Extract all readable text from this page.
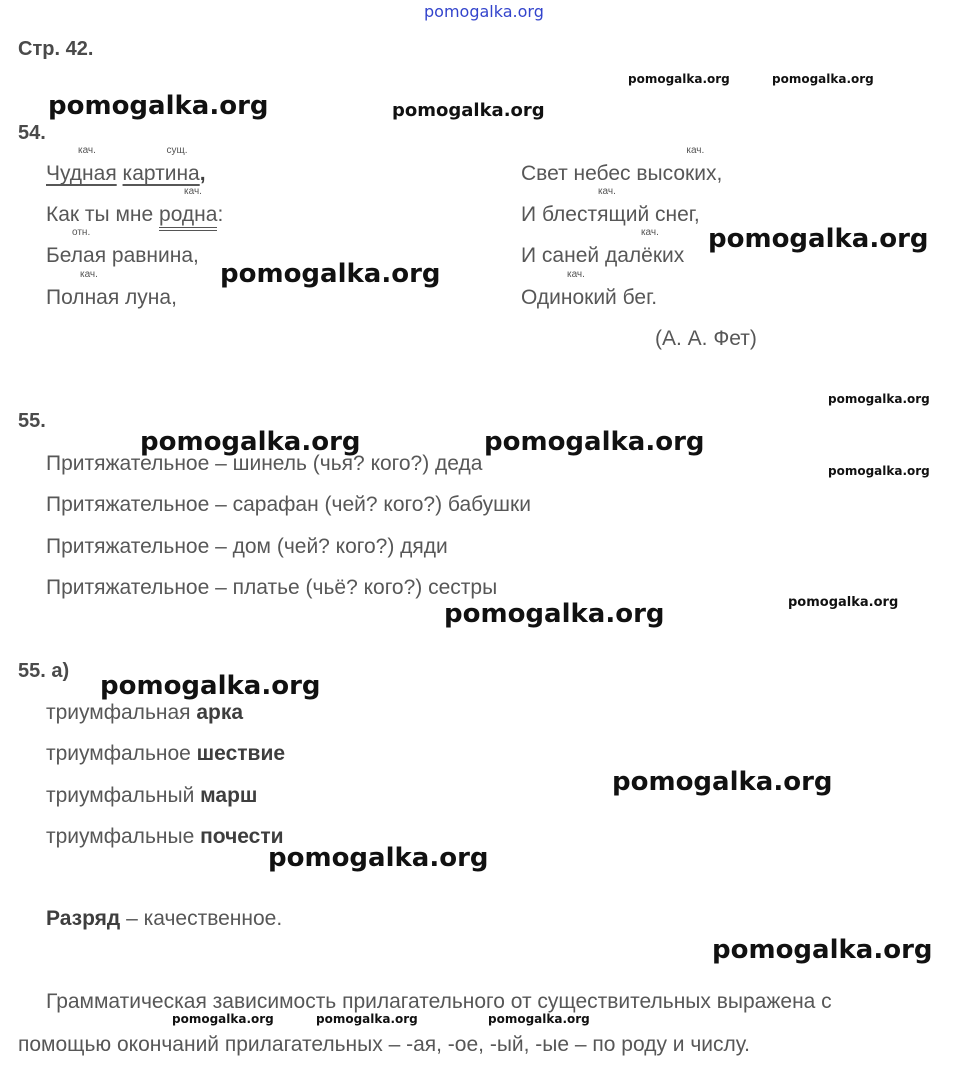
pomogalka.org
Стр. 42.
54.
кач.
Чудная
сущ.
картина,
Как ты мне
кач.
родна:
отн.
Белая равнина,
кач.
Полная луна,
Свет небес
кач.
высоких,
И
кач.
блестящий снег,
И саней
кач.
далёких
кач.
Одинокий бег.
(А. А. Фет)
55.
Притяжательное – шинель (чья? кого?) деда
Притяжательное – сарафан (чей? кого?) бабушки
Притяжательное – дом (чей? кого?) дяди
Притяжательное – платье (чьё? кого?) сестры
55. а)
триумфальная арка
триумфальное шествие
триумфальный марш
триумфальные почести
Разряд – качественное.
Грамматическая зависимость прилагательного от существительных выражена с
помощью окончаний прилагательных – -ая, -ое, -ый, -ые – по роду и числу.
pomogalka.org	pomogalka.org
pomogalka.org	pomogalka.org
pomogalka.org
pomogalka.org
pomogalka.org
pomogalka.org	pomogalka.org
pomogalka.org
pomogalka.org
pomogalka.org
pomogalka.org
pomogalka.org
pomogalka.org
pomogalka.org
pomogalka.org	pomogalka.org	pomogalka.org
